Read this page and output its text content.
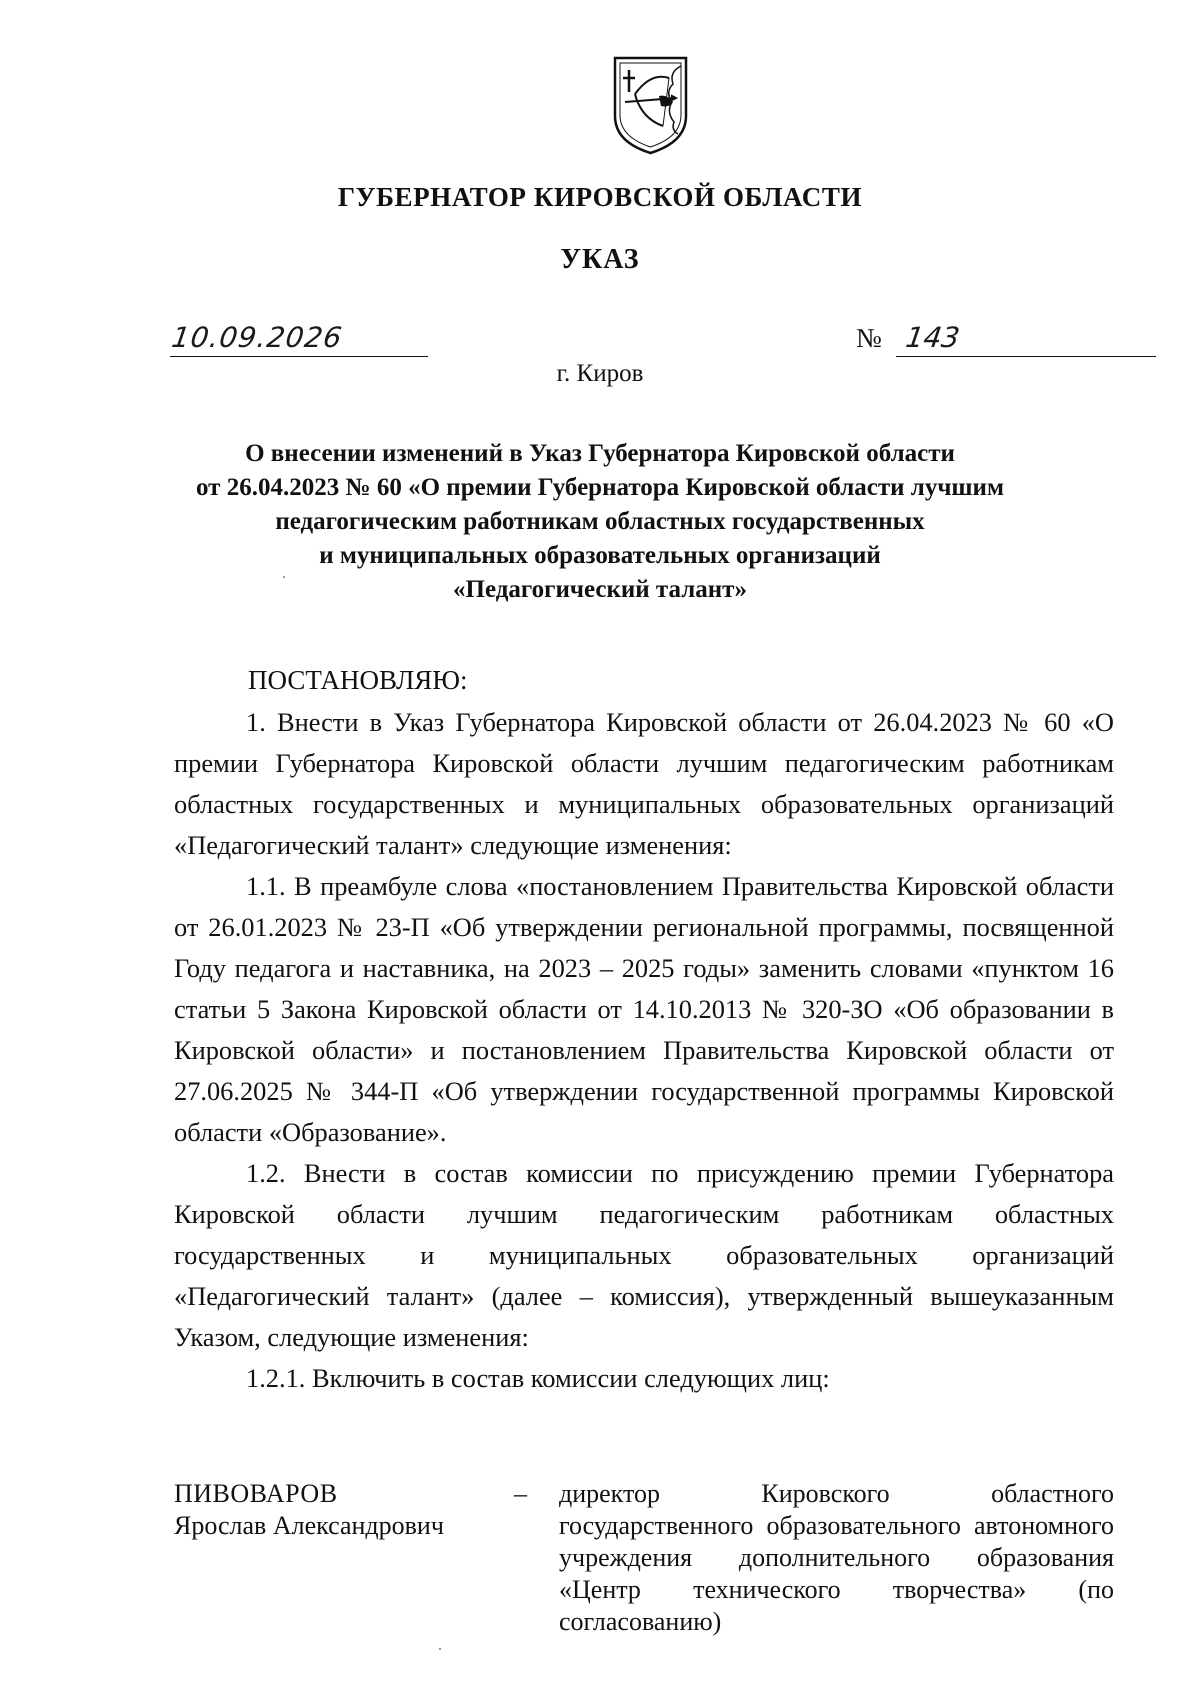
ГУБЕРНАТОР КИРОВСКОЙ ОБЛАСТИ
УКАЗ
10.09.2026	№ 143
г. Киров
О внесении изменений в Указ Губернатора Кировской области
от 26.04.2023 № 60 «О премии Губернатора Кировской области лучшим
педагогическим работникам областных государственных
и муниципальных образовательных организаций
«Педагогический талант»
ПОСТАНОВЛЯЮ:

1. Внести в Указ Губернатора Кировской области от 26.04.2023 № 60 «О премии Губернатора Кировской области лучшим педагогическим работникам областных государственных и муниципальных образовательных организаций «Педагогический талант» следующие изменения:

1.1. В преамбуле слова «постановлением Правительства Кировской области от 26.01.2023 № 23-П «Об утверждении региональной программы, посвященной Году педагога и наставника, на 2023 – 2025 годы» заменить словами «пунктом 16 статьи 5 Закона Кировской области от 14.10.2013 № 320-ЗО «Об образовании в Кировской области» и постановлением Правительства Кировской области от 27.06.2025 № 344-П «Об утверждении государственной программы Кировской области «Образование».

1.2. Внести в состав комиссии по присуждению премии Губернатора Кировской области лучшим педагогическим работникам областных государственных и муниципальных образовательных организаций «Педагогический талант» (далее – комиссия), утвержденный вышеуказанным Указом, следующие изменения:

1.2.1. Включить в состав комиссии следующих лиц:

ПИВОВАРОВ
Ярослав Александрович
– директор Кировского областного государственного образовательного автономного учреждения дополнительного образования «Центр технического творчества» (по согласованию)
